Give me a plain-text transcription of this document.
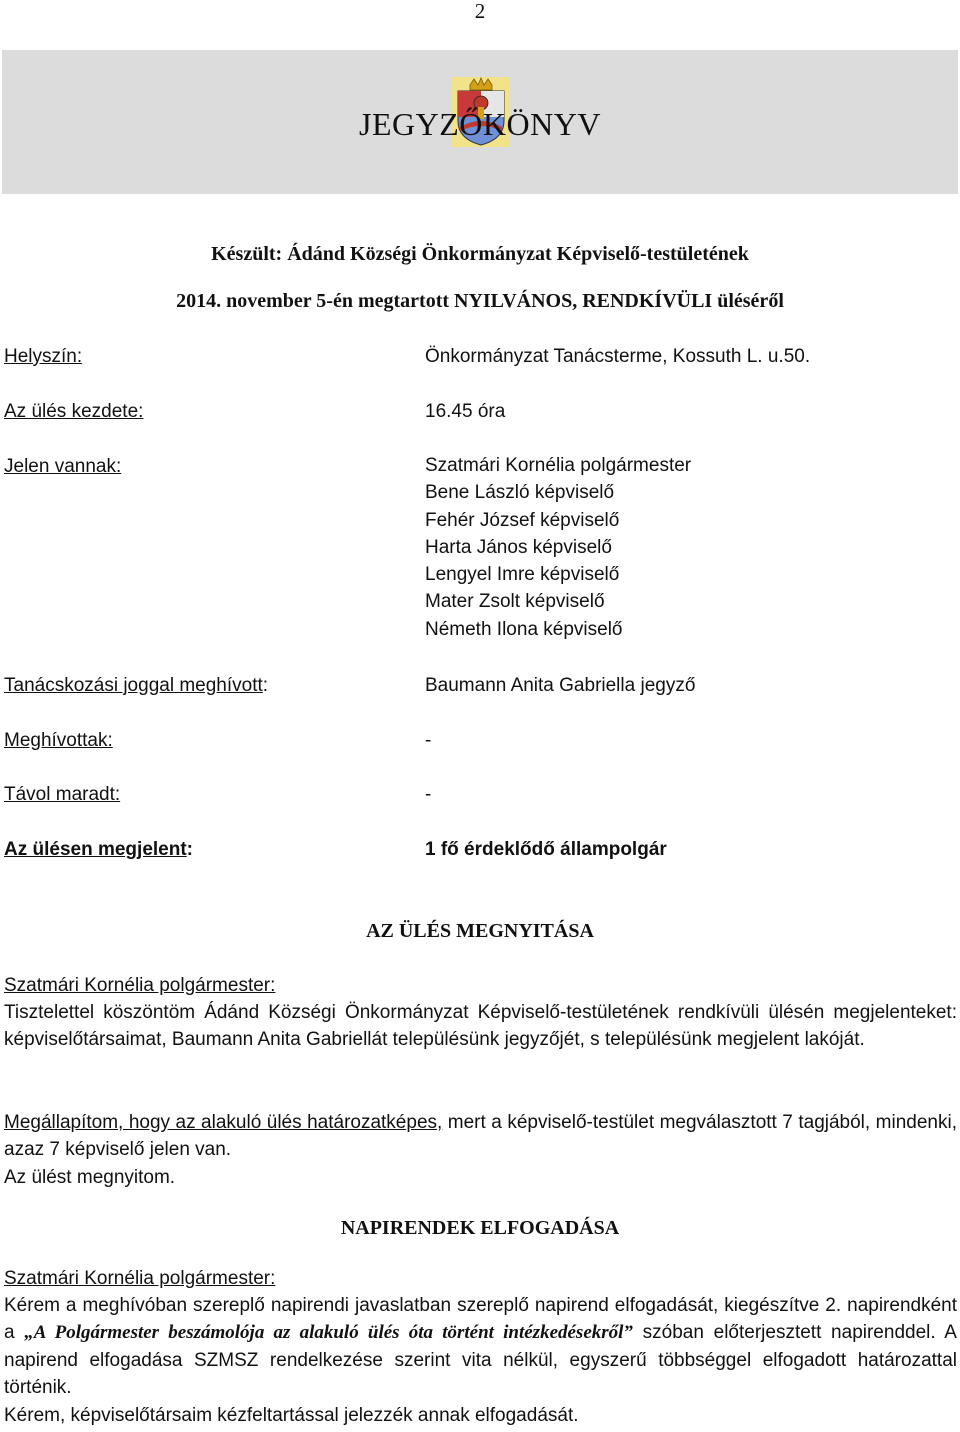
2
JEGYZŐKÖNYV
Készült: Ádánd Községi Önkormányzat Képviselő-testületének
2014. november 5-én megtartott NYILVÁNOS, RENDKÍVÜLI üléséről
Helyszín:	Önkormányzat Tanácsterme, Kossuth L. u.50.
Az ülés kezdete:	16.45 óra
Jelen vannak:	Szatmári Kornélia polgármester
Bene László képviselő
Fehér József képviselő
Harta János képviselő
Lengyel Imre képviselő
Mater Zsolt képviselő
Németh Ilona képviselő
Tanácskozási joggal meghívott:	Baumann Anita Gabriella jegyző
Meghívottak:	-
Távol maradt:	-
Az ülésen megjelent:	1 fő érdeklődő állampolgár
AZ ÜLÉS MEGNYITÁSA
Szatmári Kornélia polgármester:
Tisztelettel köszöntöm Ádánd Községi Önkormányzat Képviselő-testületének rendkívüli ülésén megjelenteket: képviselőtársaimat, Baumann Anita Gabriellát településünk jegyzőjét, s településünk megjelent lakóját.
Megállapítom, hogy az alakuló ülés határozatképes, mert a képviselő-testület megválasztott 7 tagjából, mindenki, azaz 7 képviselő jelen van.
Az ülést megnyitom.
NAPIRENDEK ELFOGADÁSA
Szatmári Kornélia polgármester:
Kérem a meghívóban szereplő napirendi javaslatban szereplő napirend elfogadását, kiegészítve 2. napirendként a „A Polgármester beszámolója az alakuló ülés óta történt intézkedésekről” szóban előterjesztett napirenddel. A napirend elfogadása SZMSZ rendelkezése szerint vita nélkül, egyszerű többséggel elfogadott határozattal történik.
Kérem, képviselőtársaim kézfeltartással jelezzék annak elfogadását.
